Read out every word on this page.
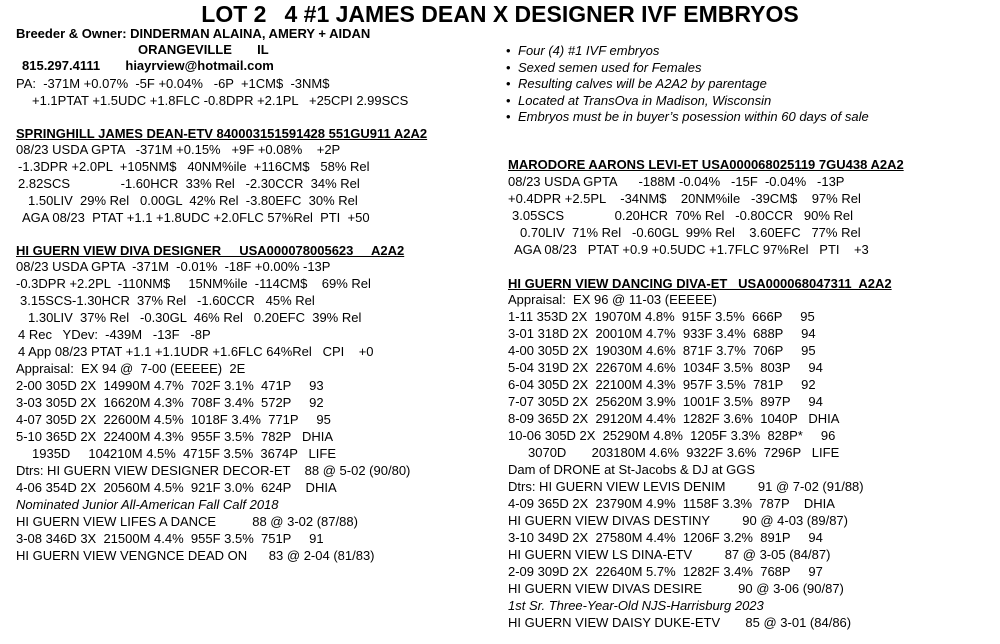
LOT 2 4 #1 JAMES DEAN X DESIGNER IVF EMBRYOS
Breeder & Owner: DINDERMAN ALAINA, AMERY + AIDAN
ORANGEVILLE       IL
815.297.4111       hiayrview@hotmail.com
PA:  -371M +0.07%  -5F +0.04%   -6P  +1CM$  -3NM$
+1.1PTAT +1.5UDC +1.8FLC -0.8DPR +2.1PL   +25CPI 2.99SCS
SPRINGHILL JAMES DEAN-ETV 840003151591428 551GU911 A2A2
08/23 USDA GPTA   -371M +0.15%   +9F +0.08%    +2P
-1.3DPR +2.0PL  +105NM$   40NM%ile  +116CM$   58% Rel
2.82SCS              -1.60HCR  33% Rel   -2.30CCR  34% Rel
1.50LIV  29% Rel   0.00GL  42% Rel  -3.80EFC  30% Rel
AGA 08/23  PTAT +1.1 +1.8UDC +2.0FLC 57%Rel  PTI  +50
HI GUERN VIEW DIVA DESIGNER     USA000078005623     A2A2
08/23 USDA GPTA  -371M  -0.01%  -18F +0.00% -13P
-0.3DPR +2.2PL  -110NM$     15NM%ile  -114CM$    69% Rel
3.15SCS-1.30HCR  37% Rel   -1.60CCR   45% Rel
1.30LIV  37% Rel   -0.30GL  46% Rel   0.20EFC  39% Rel
4 Rec   YDev:  -439M   -13F   -8P
4 App 08/23 PTAT +1.1 +1.1UDR +1.6FLC 64%Rel   CPI    +0
Appraisal:  EX 94 @  7-00 (EEEEE)  2E
2-00 305D 2X  14990M 4.7%  702F 3.1%  471P     93
3-03 305D 2X  16620M 4.3%  708F 3.4%  572P     92
4-07 305D 2X  22600M 4.5%  1018F 3.4%  771P     95
5-10 365D 2X  22400M 4.3%  955F 3.5%  782P   DHIA
1935D     104210M 4.5%  4715F 3.5%  3674P   LIFE
Dtrs: HI GUERN VIEW DESIGNER DECOR-ET    88 @ 5-02 (90/80)
4-06 354D 2X  20560M 4.5%  921F 3.0%  624P    DHIA
Nominated Junior All-American Fall Calf 2018
HI GUERN VIEW LIFES A DANCE          88 @ 3-02 (87/88)
3-08 346D 3X  21500M 4.4%  955F 3.5%  751P     91
HI GUERN VIEW VENGNCE DEAD ON      83 @ 2-04 (81/83)
• Four (4) #1 IVF embryos
• Sexed semen used for Females
• Resulting calves will be A2A2 by parentage
• Located at TransOva in Madison, Wisconsin
• Embryos must be in buyer’s posession within 60 days of sale
MARODORE AARONS LEVI-ET USA000068025119 7GU438 A2A2
08/23 USDA GPTA      -188M -0.04%   -15F  -0.04%   -13P
+0.4DPR +2.5PL    -34NM$    20NM%ile   -39CM$    97% Rel
3.05SCS              0.20HCR  70% Rel   -0.80CCR   90% Rel
0.70LIV  71% Rel   -0.60GL  99% Rel    3.60EFC   77% Rel
AGA 08/23   PTAT +0.9 +0.5UDC +1.7FLC 97%Rel   PTI    +3
HI GUERN VIEW DANCING DIVA-ET   USA000068047311  A2A2
Appraisal:  EX 96 @ 11-03 (EEEEE)
1-11 353D 2X  19070M 4.8%  915F 3.5%  666P     95
3-01 318D 2X  20010M 4.7%  933F 3.4%  688P     94
4-00 305D 2X  19030M 4.6%  871F 3.7%  706P     95
5-04 319D 2X  22670M 4.6%  1034F 3.5%  803P     94
6-04 305D 2X  22100M 4.3%  957F 3.5%  781P     92
7-07 305D 2X  25620M 3.9%  1001F 3.5%  897P     94
8-09 365D 2X  29120M 4.4%  1282F 3.6%  1040P   DHIA
10-06 305D 2X  25290M 4.8%  1205F 3.3%  828P*     96
3070D       203180M 4.6%  9322F 3.6%  7296P   LIFE
Dam of DRONE at St-Jacobs & DJ at GGS
Dtrs: HI GUERN VIEW LEVIS DENIM         91 @ 7-02 (91/88)
4-09 365D 2X  23790M 4.9%  1158F 3.3%  787P    DHIA
HI GUERN VIEW DIVAS DESTINY         90 @ 4-03 (89/87)
3-10 349D 2X  27580M 4.4%  1206F 3.2%  891P     94
HI GUERN VIEW LS DINA-ETV         87 @ 3-05 (84/87)
2-09 309D 2X  22640M 5.7%  1282F 3.4%  768P     97
HI GUERN VIEW DIVAS DESIRE          90 @ 3-06 (90/87)
1st Sr. Three-Year-Old NJS-Harrisburg 2023
HI GUERN VIEW DAISY DUKE-ETV       85 @ 3-01 (84/86)
